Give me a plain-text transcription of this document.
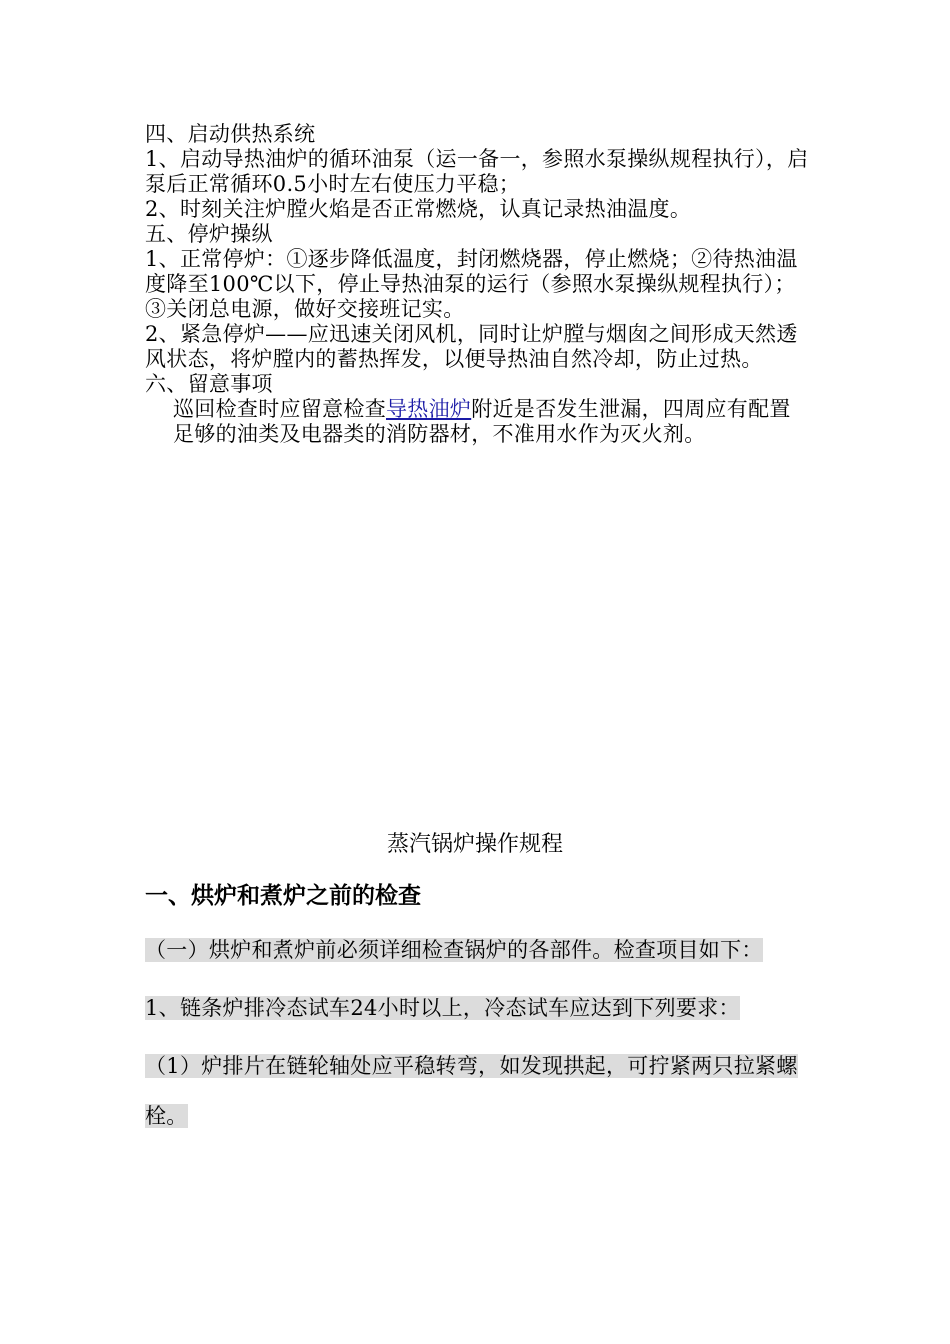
四、启动供热系统

1、启动导热油炉的循环油泵（运一备一，参照水泵操纵规程执行），启泵后正常循环0.5小时左右使压力平稳；

2、时刻关注炉膛火焰是否正常燃烧，认真记录热油温度。

五、停炉操纵

1、正常停炉：①逐步降低温度，封闭燃烧器，停止燃烧；②待热油温度降至100℃以下，停止导热油泵的运行（参照水泵操纵规程执行）；③关闭总电源，做好交接班记实。

2、紧急停炉——应迅速关闭风机，同时让炉膛与烟囱之间形成天然透风状态，将炉膛内的蓄热挥发，以便导热油自然冷却，防止过热。

六、留意事项

巡回检查时应留意检查导热油炉附近是否发生泄漏，四周应有配置足够的油类及电器类的消防器材，不准用水作为灭火剂。

蒸汽锅炉操作规程
一、烘炉和煮炉之前的检查

（一）烘炉和煮炉前必须详细检查锅炉的各部件。检查项目如下：

1、链条炉排冷态试车24小时以上，冷态试车应达到下列要求：

（1）炉排片在链轮轴处应平稳转弯，如发现拱起，可拧紧两只拉紧螺栓。
